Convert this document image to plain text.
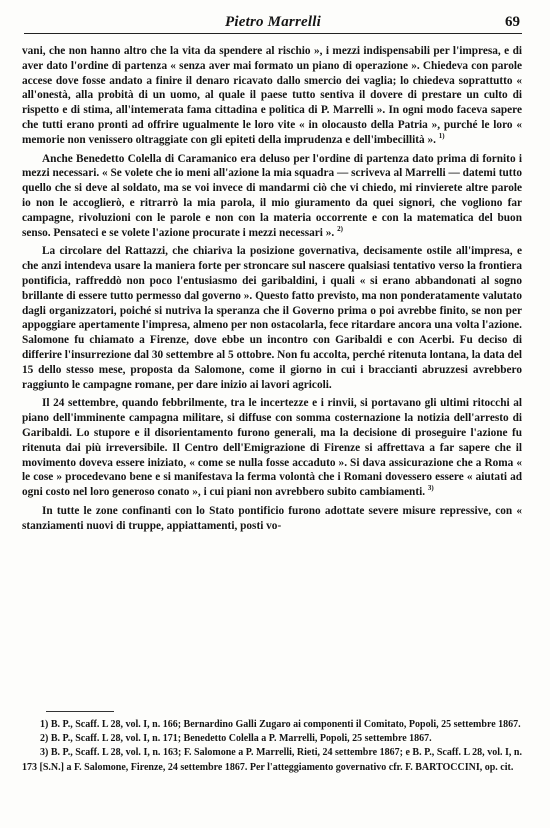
Pietro Marrelli	69

vani, che non hanno altro che la vita da spendere al rischio », i mezzi indispensabili per l'impresa, e di aver dato l'ordine di partenza « senza aver mai formato un piano di operazione ». Chiedeva con parole accese dove fosse andato a finire il denaro ricavato dallo smercio dei vaglia; lo chiedeva soprattutto « all'onestà, alla probità di un uomo, al quale il paese tutto sentiva il dovere di prestare un culto di rispetto e di stima, all'intemerata fama cittadina e politica di P. Marrelli ». In ogni modo faceva sapere che tutti erano pronti ad offrire ugualmente le loro vite « in olocausto della Patria », purché le loro « memorie non venissero oltraggiate con gli epiteti della imprudenza e dell'imbecillità ». $^{1)}$

Anche Benedetto Colella di Caramanico era deluso per l'ordine di partenza dato prima di fornito i mezzi necessari. « Se volete che io meni all'azione la mia squadra — scriveva al Marrelli — datemi tutto quello che si deve al soldato, ma se voi invece di mandarmi ciò che vi chiedo, mi rinvierete altre parole io non le accoglierò, e ritrarrò la mia parola, il mio giuramento da quei signori, che vogliono far campagne, rivoluzioni con le parole e non con la materia occorrente e con la matematica del buon senso. Pensateci e se volete l'azione procurate i mezzi necessari ». $^{2)}$

La circolare del Rattazzi, che chiariva la posizione governativa, decisamente ostile all'impresa, e che anzi intendeva usare la maniera forte per stroncare sul nascere qualsiasi tentativo verso la frontiera pontificia, raffreddò non poco l'entusiasmo dei garibaldini, i quali « si erano abbandonati al sogno brillante di essere tutto permesso dal governo ». Questo fatto previsto, ma non ponderatamente valutato dagli organizzatori, poiché si nutriva la speranza che il Governo prima o poi avrebbe finito, se non per appoggiare apertamente l'impresa, almeno per non ostacolarla, fece ritardare ancora una volta l'azione. Salomone fu chiamato a Firenze, dove ebbe un incontro con Garibaldi e con Acerbi. Fu deciso di differire l'insurrezione dal 30 settembre al 5 ottobre. Non fu accolta, perché ritenuta lontana, la data del 15 dello stesso mese, proposta da Salomone, come il giorno in cui i braccianti abruzzesi avrebbero raggiunto le campagne romane, per dare inizio ai lavori agricoli.

Il 24 settembre, quando febbrilmente, tra le incertezze e i rinvii, si portavano gli ultimi ritocchi al piano dell'imminente campagna militare, si diffuse con somma costernazione la notizia dell'arresto di Garibaldi. Lo stupore e il disorientamento furono generali, ma la decisione di proseguire l'azione fu ritenuta dai più irreversibile. Il Centro dell'Emigrazione di Firenze si affrettava a far sapere che il movimento doveva essere iniziato, « come se nulla fosse accaduto ». Si dava assicurazione che a Roma « le cose » procedevano bene e si manifestava la ferma volontà che i Romani dovessero essere « aiutati ad ogni costo nel loro generoso conato », i cui piani non avrebbero subito cambiamenti. $^{3)}$

In tutte le zone confinanti con lo Stato pontificio furono adottate severe misure repressive, con « stanziamenti nuovi di truppe, appiattamenti, posti vo-

1) B. P., Scaff. L 28, vol. I, n. 166; Bernardino Galli Zugaro ai componenti il Comitato, Popoli, 25 settembre 1867.

2) B. P., Scaff. L 28, vol. I, n. 171; Benedetto Colella a P. Marrelli, Popoli, 25 settembre 1867.

3) B. P., Scaff. L 28, vol. I, n. 163; F. Salomone a P. Marrelli, Rieti, 24 settembre 1867; e B. P., Scaff. L 28, vol. I, n. 173 [S.N.] a F. Salomone, Firenze, 24 settembre 1867. Per l'atteggiamento governativo cfr. F. BARTOCCINI, op. cit.
